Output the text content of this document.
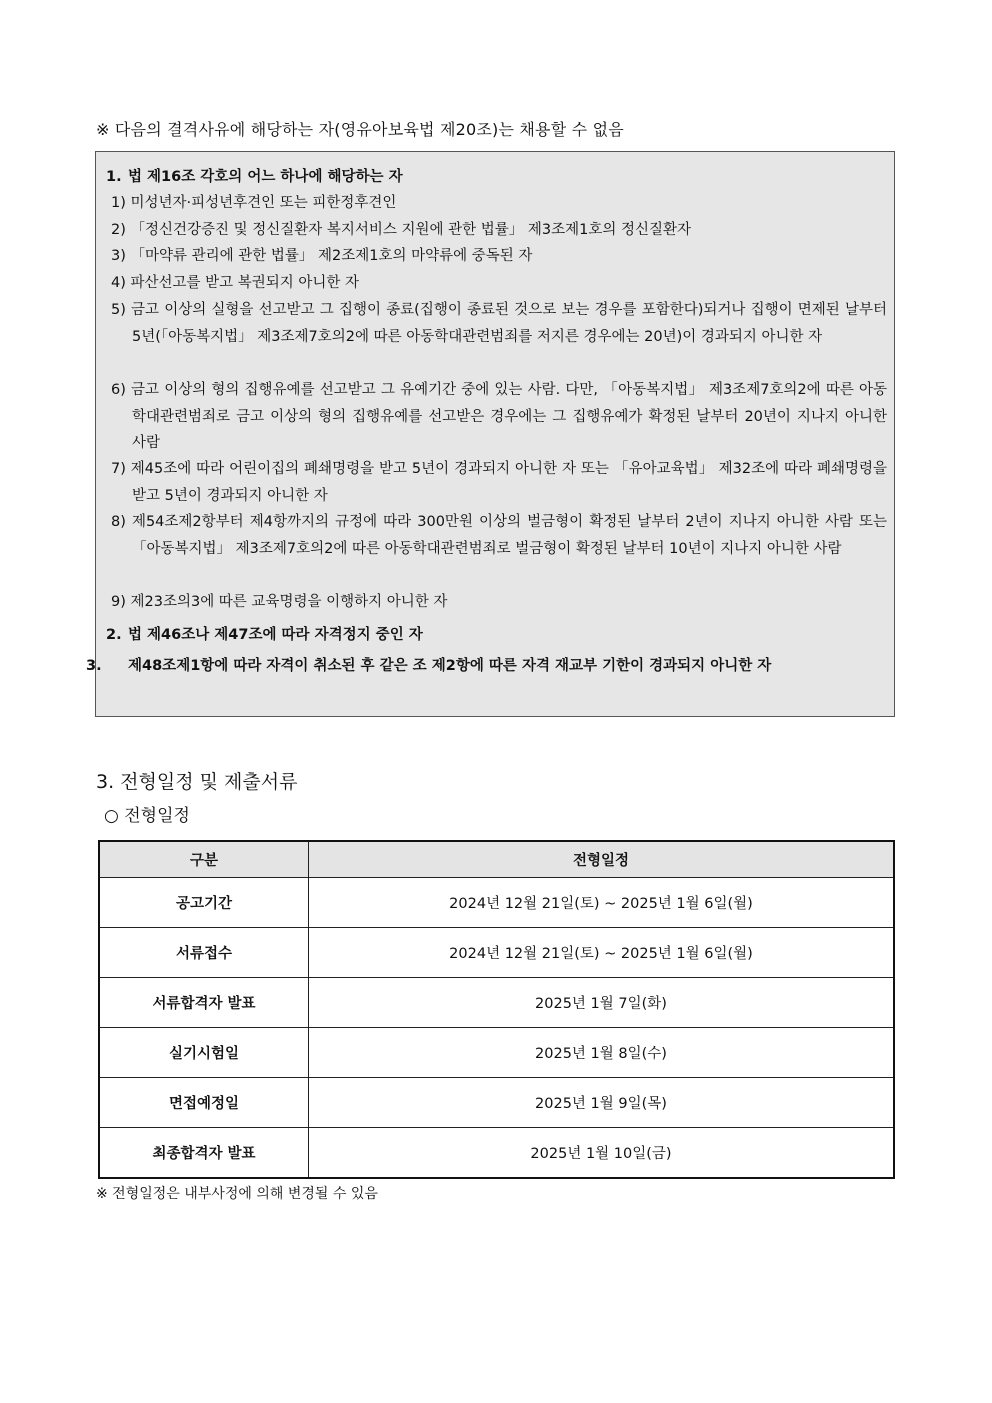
※ 다음의 결격사유에 해당하는 자(영유아보육법 제20조)는 채용할 수 없음
1. 법 제16조 각호의 어느 하나에 해당하는 자
1) 미성년자·피성년후견인 또는 피한정후견인
2) 「정신건강증진 및 정신질환자 복지서비스 지원에 관한 법률」 제3조제1호의 정신질환자
3) 「마약류 관리에 관한 법률」 제2조제1호의 마약류에 중독된 자
4) 파산선고를 받고 복권되지 아니한 자
5) 금고 이상의 실형을 선고받고 그 집행이 종료(집행이 종료된 것으로 보는 경우를 포함한다)되거나 집행이 면제된 날부터 5년(「아동복지법」 제3조제7호의2에 따른 아동학대관련범죄를 저지른 경우에는 20년)이 경과되지 아니한 자
6) 금고 이상의 형의 집행유예를 선고받고 그 유예기간 중에 있는 사람. 다만, 「아동복지법」 제3조제7호의2에 따른 아동학대관련범죄로 금고 이상의 형의 집행유예를 선고받은 경우에는 그 집행유예가 확정된 날부터 20년이 지나지 아니한 사람
7) 제45조에 따라 어린이집의 폐쇄명령을 받고 5년이 경과되지 아니한 자 또는 「유아교육법」 제32조에 따라 폐쇄명령을 받고 5년이 경과되지 아니한 자
8) 제54조제2항부터 제4항까지의 규정에 따라 300만원 이상의 벌금형이 확정된 날부터 2년이 지나지 아니한 사람 또는 「아동복지법」 제3조제7호의2에 따른 아동학대관련범죄로 벌금형이 확정된 날부터 10년이 지나지 아니한 사람
9) 제23조의3에 따른 교육명령을 이행하지 아니한 자
2. 법 제46조나 제47조에 따라 자격정지 중인 자
3. 제48조제1항에 따라 자격이 취소된 후 같은 조 제2항에 따른 자격 재교부 기한이 경과되지 아니한 자
3. 전형일정 및 제출서류
○ 전형일정
구분	전형일정
공고기간	2024년 12월 21일(토) ~ 2025년 1월 6일(월)
서류접수	2024년 12월 21일(토) ~ 2025년 1월 6일(월)
서류합격자 발표	2025년 1월 7일(화)
실기시험일	2025년 1월 8일(수)
면접예정일	2025년 1월 9일(목)
최종합격자 발표	2025년 1월 10일(금)
※ 전형일정은 내부사정에 의해 변경될 수 있음
